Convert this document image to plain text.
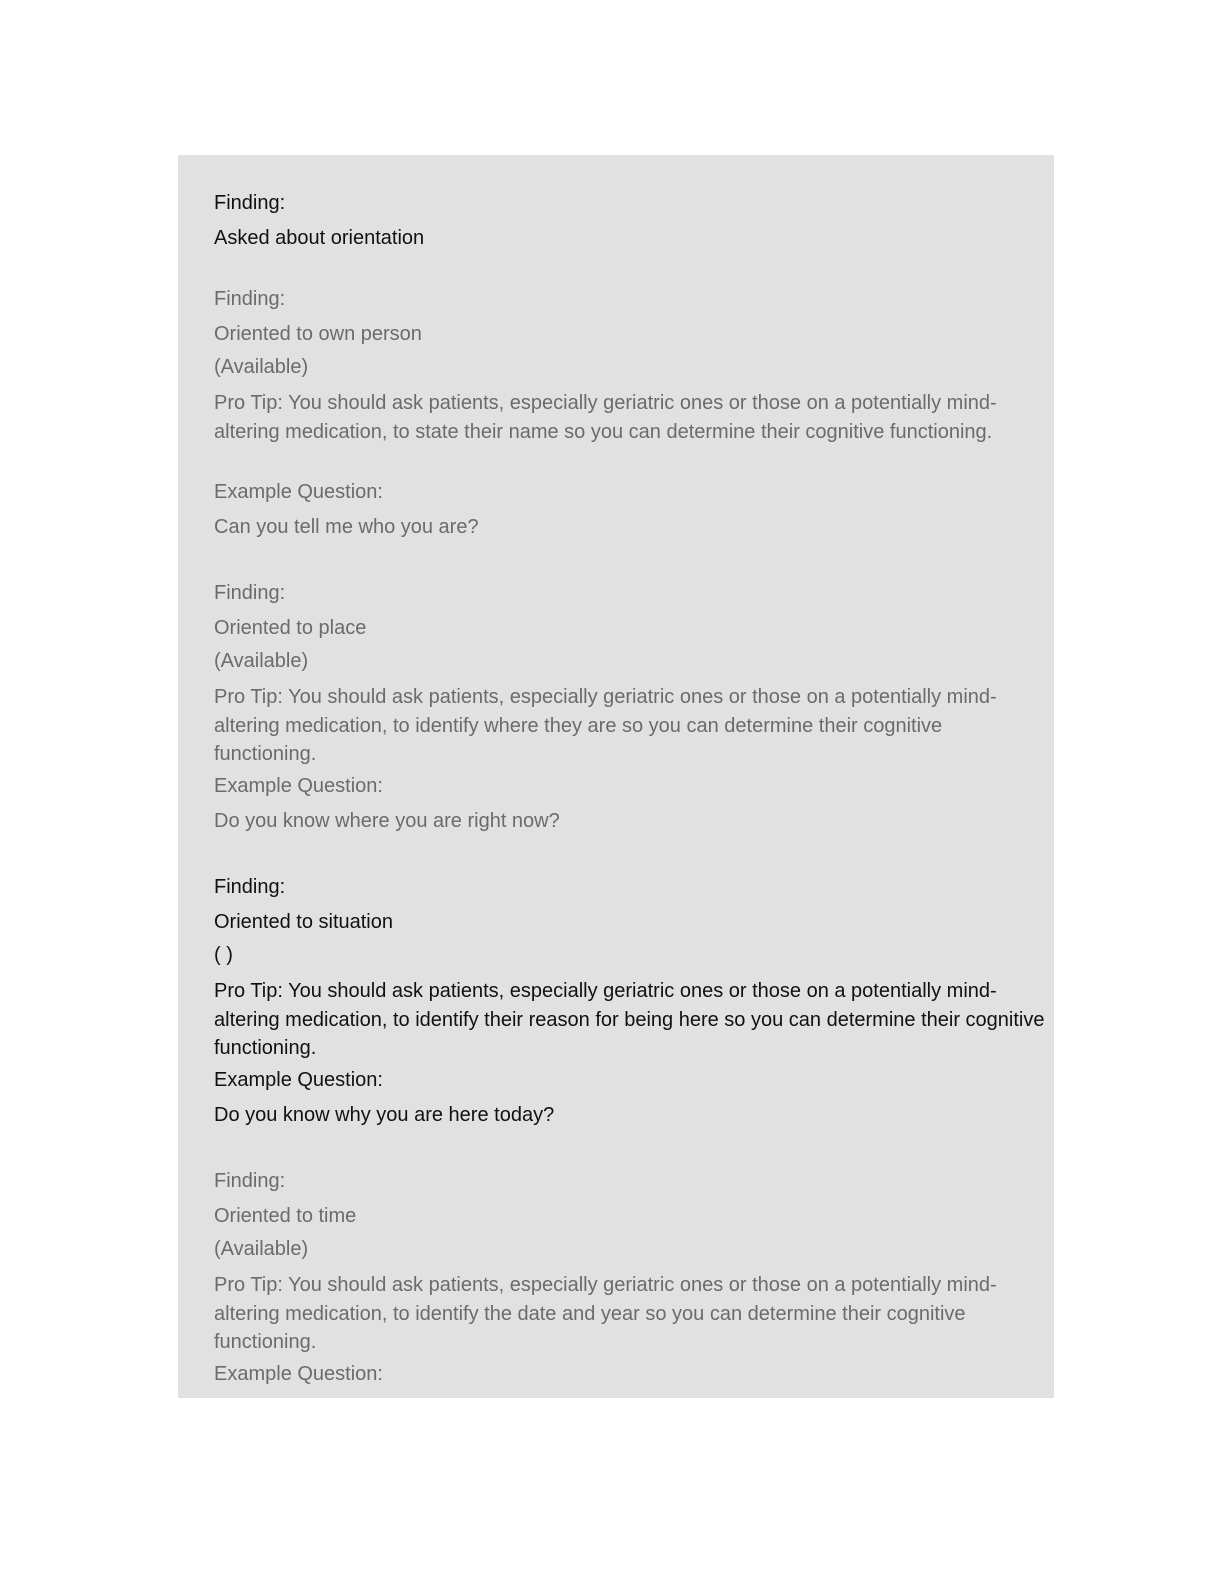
Finding:

Asked about orientation

Finding:

Oriented to own person

(Available)

Pro Tip: You should ask patients, especially geriatric ones or those on a potentially mind-altering medication, to state their name so you can determine their cognitive functioning.

Example Question:

Can you tell me who you are?

Finding:

Oriented to place

(Available)

Pro Tip: You should ask patients, especially geriatric ones or those on a potentially mind-altering medication, to identify where they are so you can determine their cognitive functioning.

Example Question:

Do you know where you are right now?

Finding:

Oriented to situation

( )

Pro Tip: You should ask patients, especially geriatric ones or those on a potentially mind-altering medication, to identify their reason for being here so you can determine their cognitive functioning.

Example Question:

Do you know why you are here today?

Finding:

Oriented to time

(Available)

Pro Tip: You should ask patients, especially geriatric ones or those on a potentially mind-altering medication, to identify the date and year so you can determine their cognitive functioning.

Example Question:
